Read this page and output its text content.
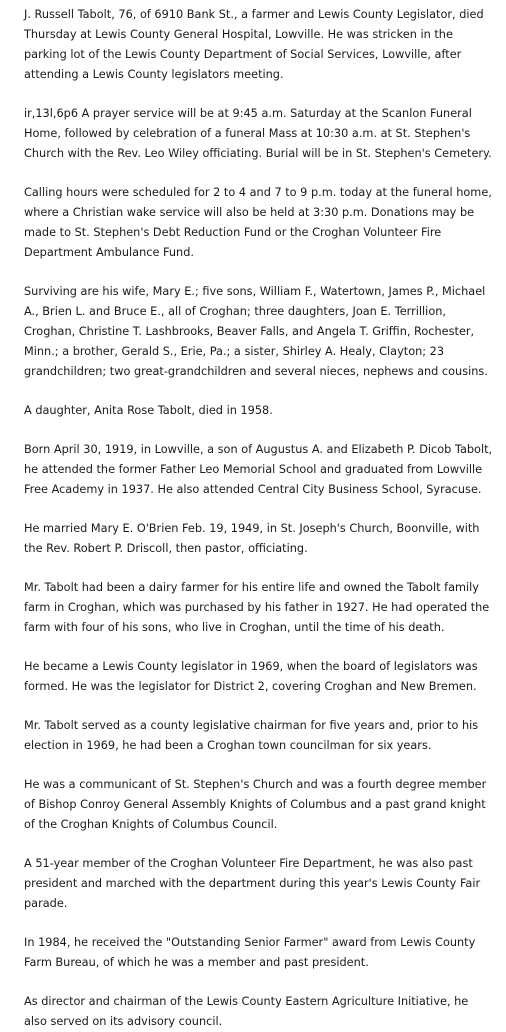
J. Russell Tabolt, 76, of 6910 Bank St., a farmer and Lewis County Legislator, died Thursday at Lewis County General Hospital, Lowville. He was stricken in the parking lot of the Lewis County Department of Social Services, Lowville, after attending a Lewis County legislators meeting.

ir,13l,6p6 A prayer service will be at 9:45 a.m. Saturday at the Scanlon Funeral Home, followed by celebration of a funeral Mass at 10:30 a.m. at St. Stephen's Church with the Rev. Leo Wiley officiating. Burial will be in St. Stephen's Cemetery.

Calling hours were scheduled for 2 to 4 and 7 to 9 p.m. today at the funeral home, where a Christian wake service will also be held at 3:30 p.m. Donations may be made to St. Stephen's Debt Reduction Fund or the Croghan Volunteer Fire Department Ambulance Fund.

Surviving are his wife, Mary E.; five sons, William F., Watertown, James P., Michael A., Brien L. and Bruce E., all of Croghan; three daughters, Joan E. Terrillion, Croghan, Christine T. Lashbrooks, Beaver Falls, and Angela T. Griffin, Rochester, Minn.; a brother, Gerald S., Erie, Pa.; a sister, Shirley A. Healy, Clayton; 23 grandchildren; two great-grandchildren and several nieces, nephews and cousins.

A daughter, Anita Rose Tabolt, died in 1958.

Born April 30, 1919, in Lowville, a son of Augustus A. and Elizabeth P. Dicob Tabolt, he attended the former Father Leo Memorial School and graduated from Lowville Free Academy in 1937. He also attended Central City Business School, Syracuse.

He married Mary E. O'Brien Feb. 19, 1949, in St. Joseph's Church, Boonville, with the Rev. Robert P. Driscoll, then pastor, officiating.

Mr. Tabolt had been a dairy farmer for his entire life and owned the Tabolt family farm in Croghan, which was purchased by his father in 1927. He had operated the farm with four of his sons, who live in Croghan, until the time of his death.

He became a Lewis County legislator in 1969, when the board of legislators was formed. He was the legislator for District 2, covering Croghan and New Bremen.

Mr. Tabolt served as a county legislative chairman for five years and, prior to his election in 1969, he had been a Croghan town councilman for six years.

He was a communicant of St. Stephen's Church and was a fourth degree member of Bishop Conroy General Assembly Knights of Columbus and a past grand knight of the Croghan Knights of Columbus Council.

A 51-year member of the Croghan Volunteer Fire Department, he was also past president and marched with the department during this year's Lewis County Fair parade.

In 1984, he received the "Outstanding Senior Farmer" award from Lewis County Farm Bureau, of which he was a member and past president.

As director and chairman of the Lewis County Eastern Agriculture Initiative, he also served on its advisory council.
